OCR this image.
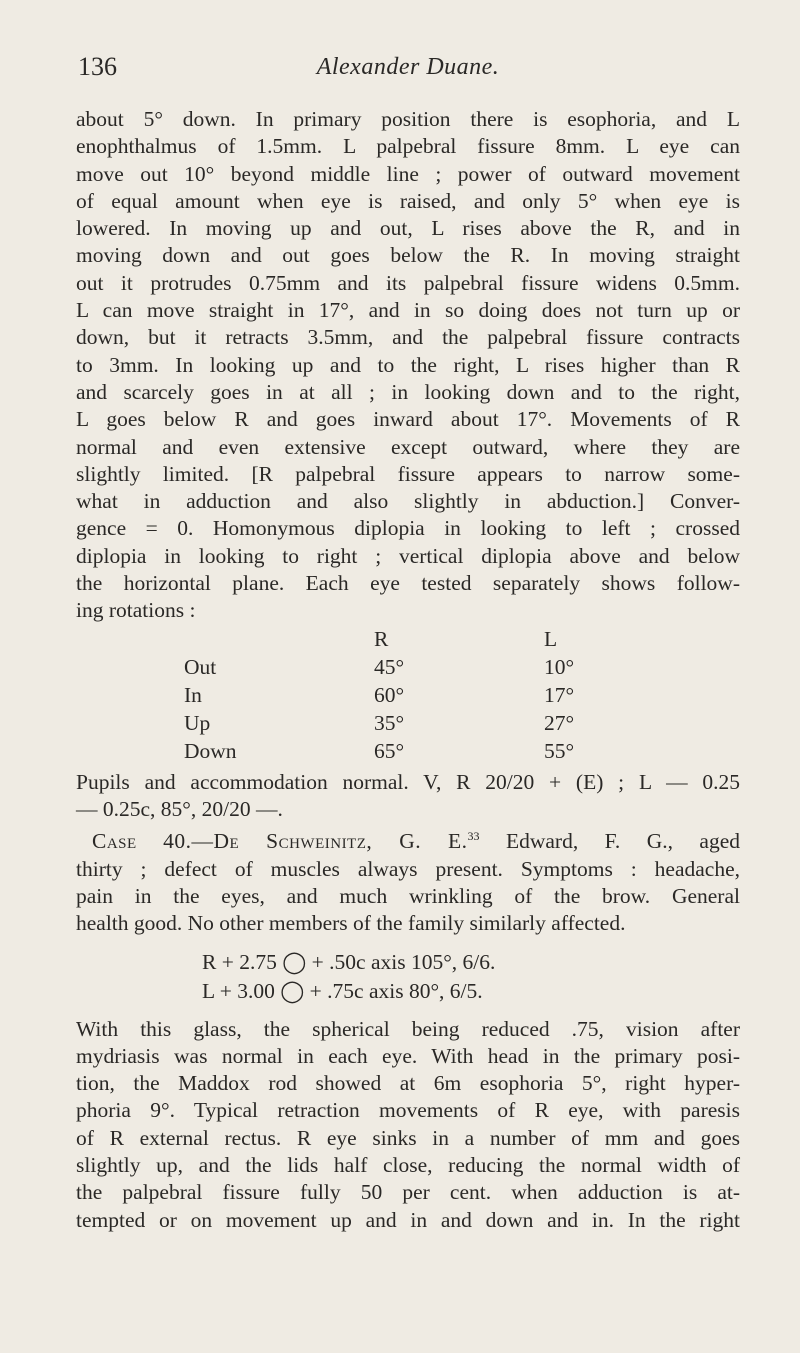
136	Alexander Duane.
about 5° down. In primary position there is esophoria, and L
enophthalmus of 1.5mm. L palpebral fissure 8mm. L eye can
move out 10° beyond middle line ; power of outward movement
of equal amount when eye is raised, and only 5° when eye is
lowered. In moving up and out, L rises above the R, and in
moving down and out goes below the R. In moving straight
out it protrudes 0.75mm and its palpebral fissure widens 0.5mm.
L can move straight in 17°, and in so doing does not turn up or
down, but it retracts 3.5mm, and the palpebral fissure contracts
to 3mm. In looking up and to the right, L rises higher than R
and scarcely goes in at all ; in looking down and to the right,
L goes below R and goes inward about 17°. Movements of R
normal and even extensive except outward, where they are
slightly limited. [R palpebral fissure appears to narrow some-
what in adduction and also slightly in abduction.] Conver-
gence = 0. Homonymous diplopia in looking to left ; crossed
diplopia in looking to right ; vertical diplopia above and below
the horizontal plane. Each eye tested separately shows follow-
ing rotations :
	R	L
Out	45°	10°
In	60°	17°
Up	35°	27°
Down	65°	55°
Pupils and accommodation normal. V, R 20/20 + (E) ; L — 0.25
— 0.25c, 85°, 20/20 —.
Case 40.—De Schweinitz, G. E.$^{33}$ Edward, F. G., aged
thirty ; defect of muscles always present. Symptoms : headache,
pain in the eyes, and much wrinkling of the brow. General
health good. No other members of the family similarly affected.
R + 2.75 ◯ + .50c axis 105°, 6/6.
L + 3.00 ◯ + .75c axis 80°, 6/5.
With this glass, the spherical being reduced .75, vision after
mydriasis was normal in each eye. With head in the primary posi-
tion, the Maddox rod showed at 6m esophoria 5°, right hyper-
phoria 9°. Typical retraction movements of R eye, with paresis
of R external rectus. R eye sinks in a number of mm and goes
slightly up, and the lids half close, reducing the normal width of
the palpebral fissure fully 50 per cent. when adduction is at-
tempted or on movement up and in and down and in. In the right
